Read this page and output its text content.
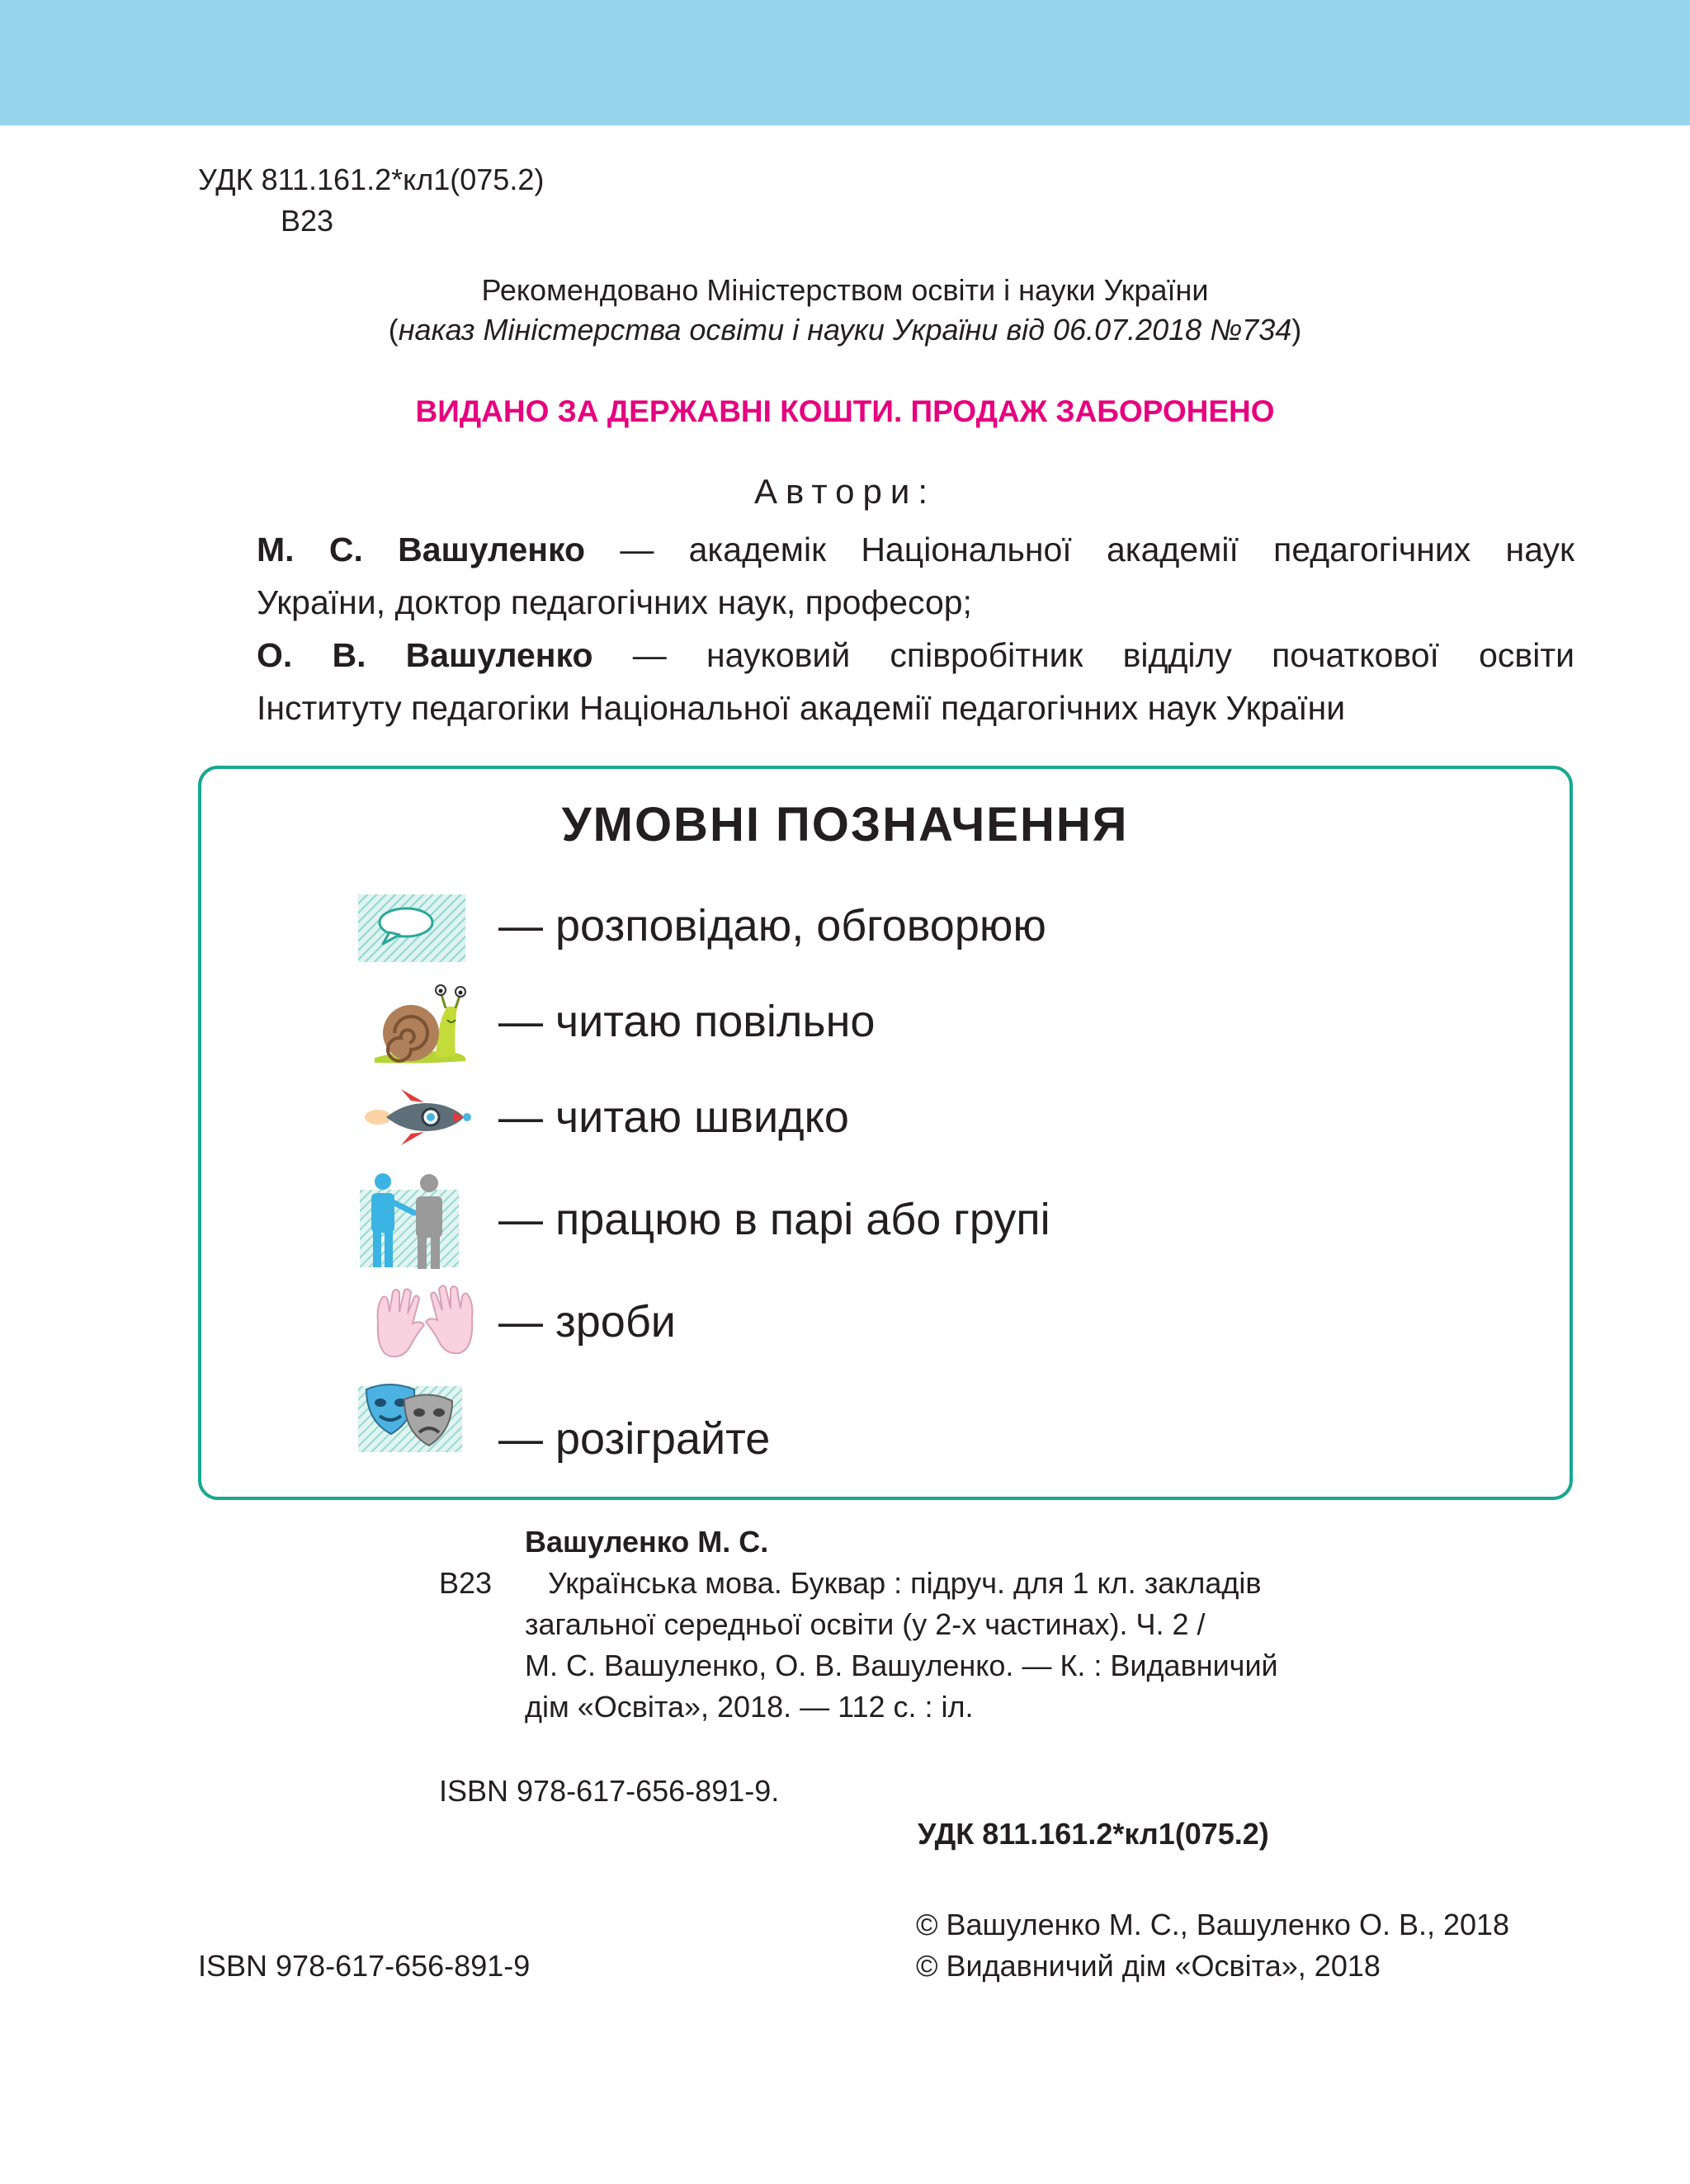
УДК 811.161.2*кл1(075.2)
В23
Рекомендовано Міністерством освіти і науки України
(наказ Міністерства освіти і науки України від 06.07.2018 №734)
ВИДАНО ЗА ДЕРЖАВНІ КОШТИ. ПРОДАЖ ЗАБОРОНЕНО
Автори:

М. С. Вашуленко — академік Національної академії педагогічних наук

України, доктор педагогічних наук, професор;

О. В. Вашуленко — науковий співробітник відділу початкової освіти

Інституту педагогіки Національної академії педагогічних наук України

УМОВНІ ПОЗНАЧЕННЯ
— розповідаю, обговорюю
— читаю повільно
— читаю швидко
— працюю в парі або групі
— зроби
— розіграйте
Вашуленко М. С.
В23 Українська мова. Буквар : підруч. для 1 кл. закладів
загальної середньої освіти (у 2-х частинах). Ч. 2 /
М. С. Вашуленко, О. В. Вашуленко. — К. : Видавничий
дім «Освіта», 2018. — 112 с. : іл.
ISBN 978-617-656-891-9.
УДК 811.161.2*кл1(075.2)
© Вашуленко М. С., Вашуленко О. В., 2018
© Видавничий дім «Освіта», 2018
ISBN 978-617-656-891-9
